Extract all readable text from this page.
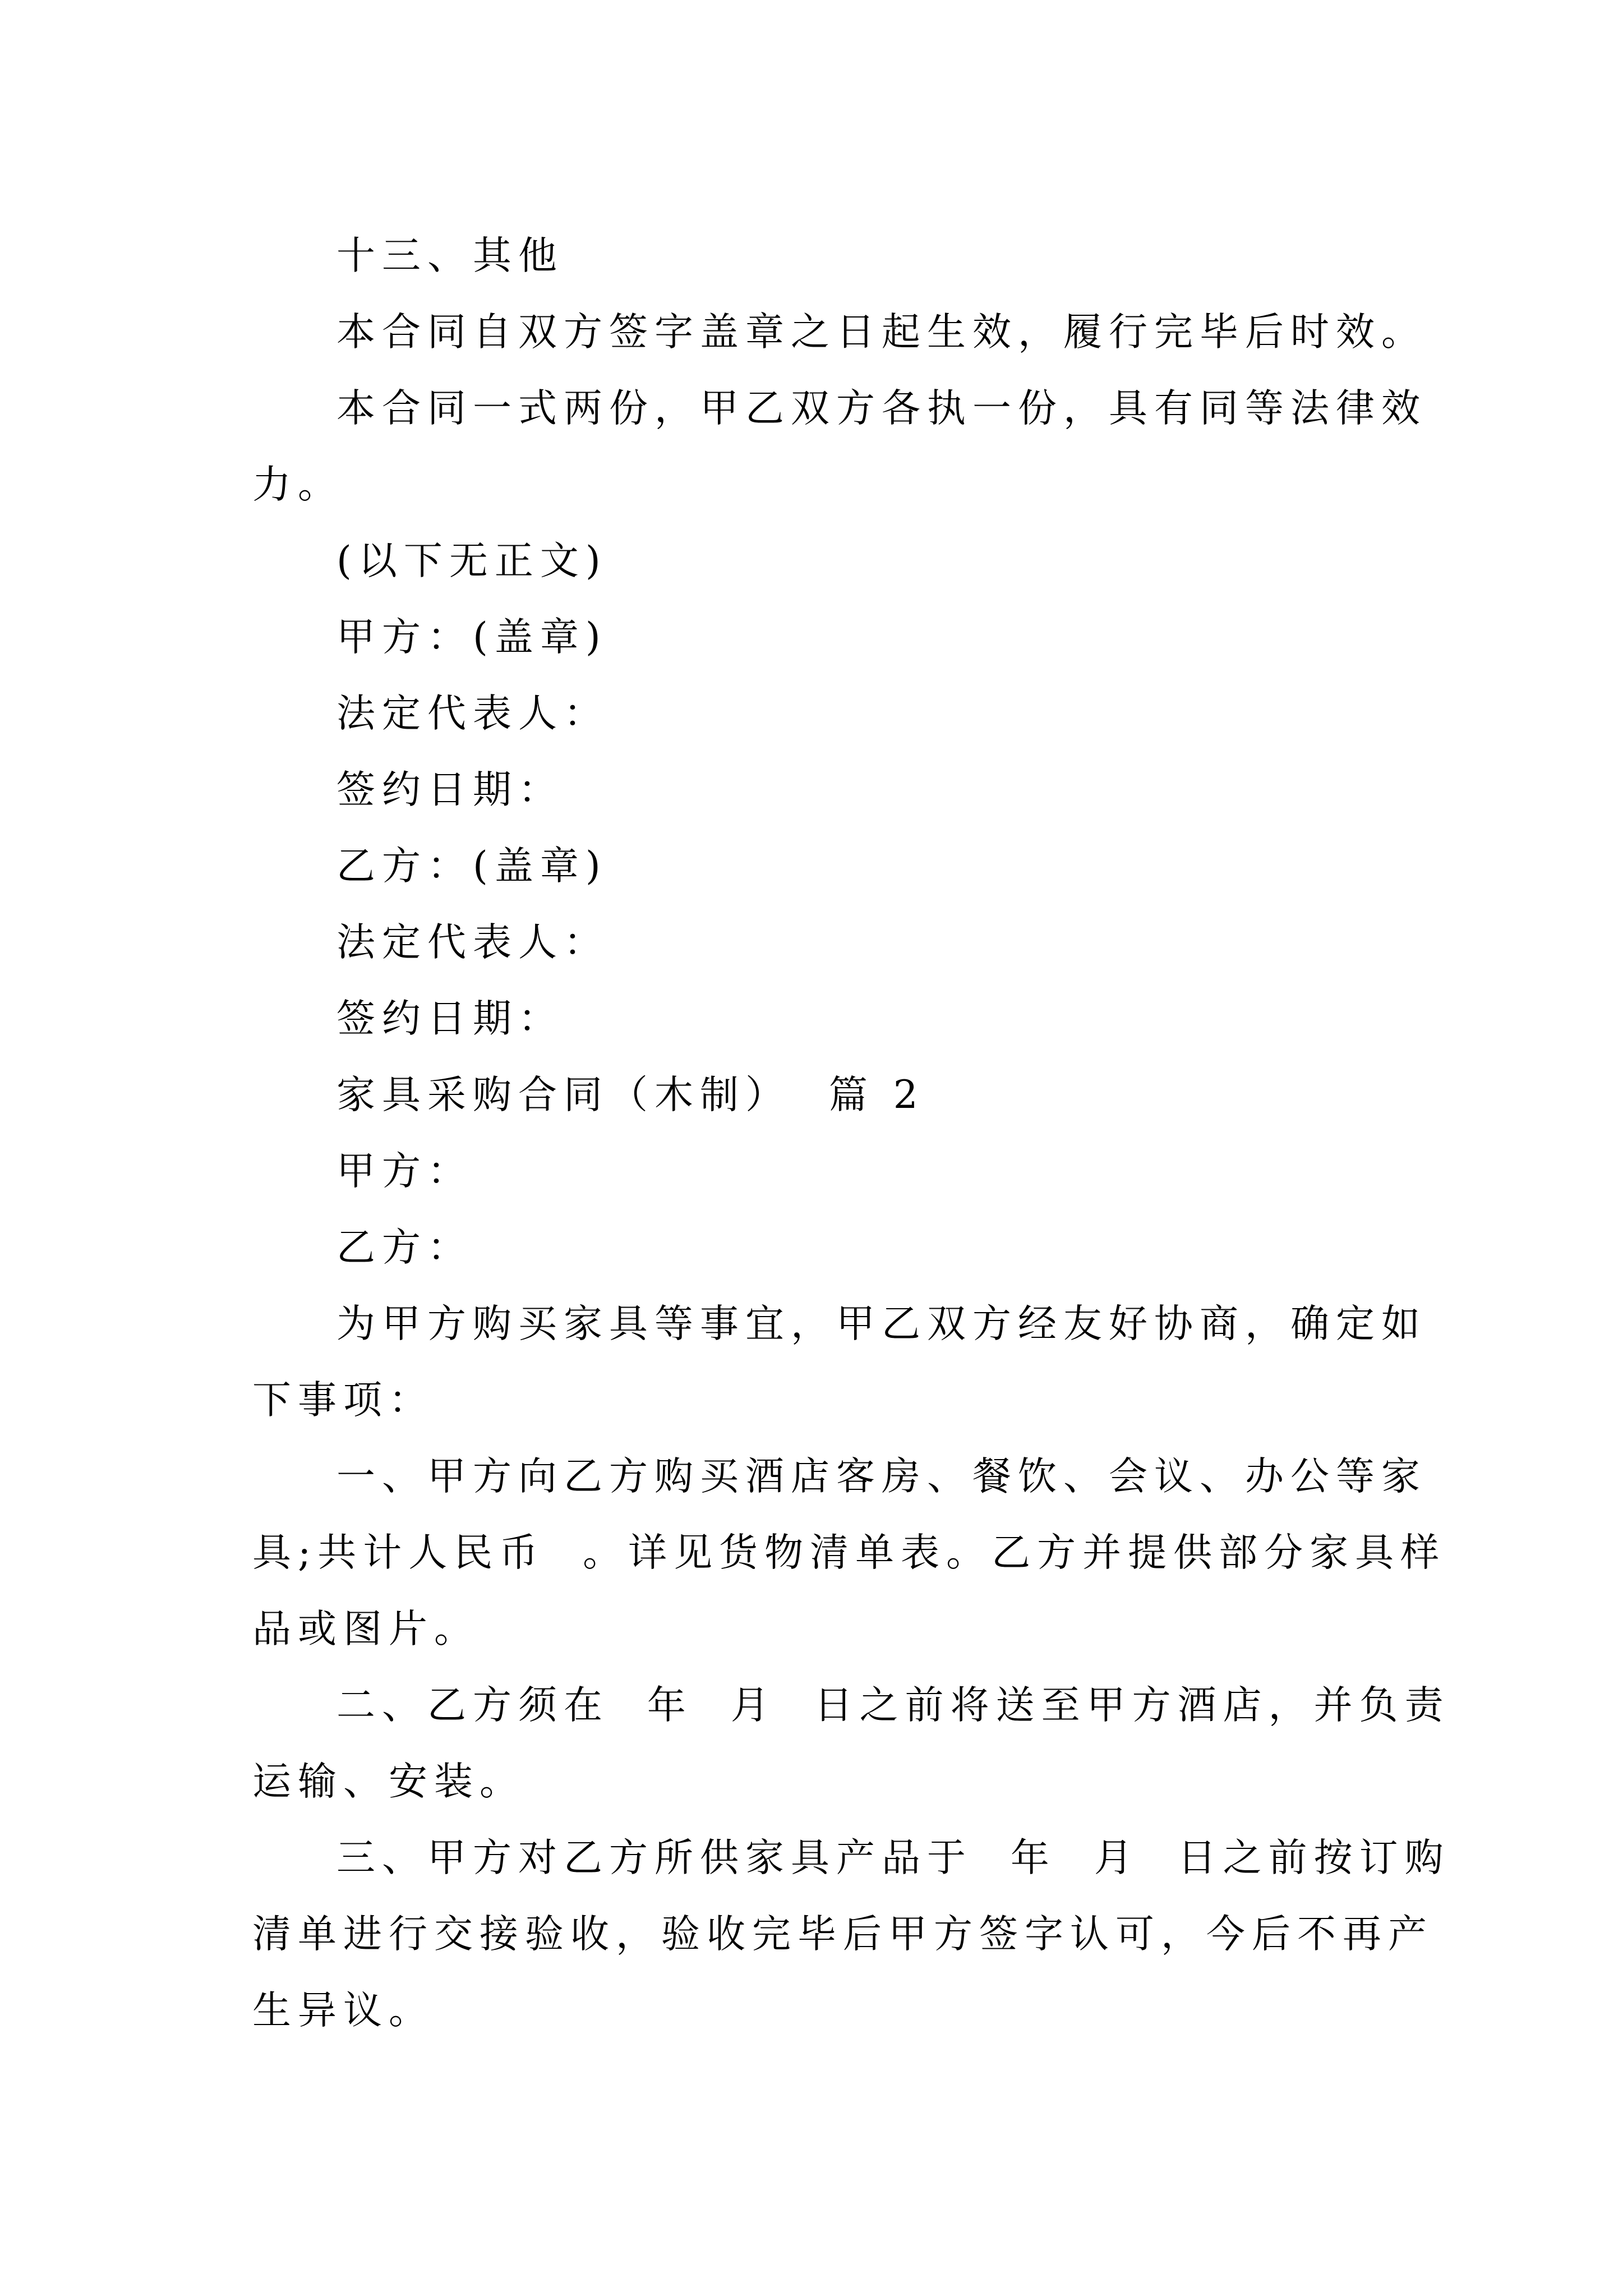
十三、其他

本合同自双方签字盖章之日起生效，履行完毕后时效。

本合同一式两份，甲乙双方各执一份，具有同等法律效

力。

(以下无正文)

甲方：(盖章)

法定代表人：

签约日期：

乙方：(盖章)

法定代表人：

签约日期：

家具采购合同（木制）  篇 2

甲方：

乙方：

为甲方购买家具等事宜，甲乙双方经友好协商，确定如

下事项：

一、甲方向乙方购买酒店客房、餐饮、会议、办公等家

具;共计人民币  。详见货物清单表。乙方并提供部分家具样

品或图片。

二、乙方须在  年  月  日之前将送至甲方酒店，并负责

运输、安装。

三、甲方对乙方所供家具产品于  年  月  日之前按订购

清单进行交接验收，验收完毕后甲方签字认可，今后不再产

生异议。
